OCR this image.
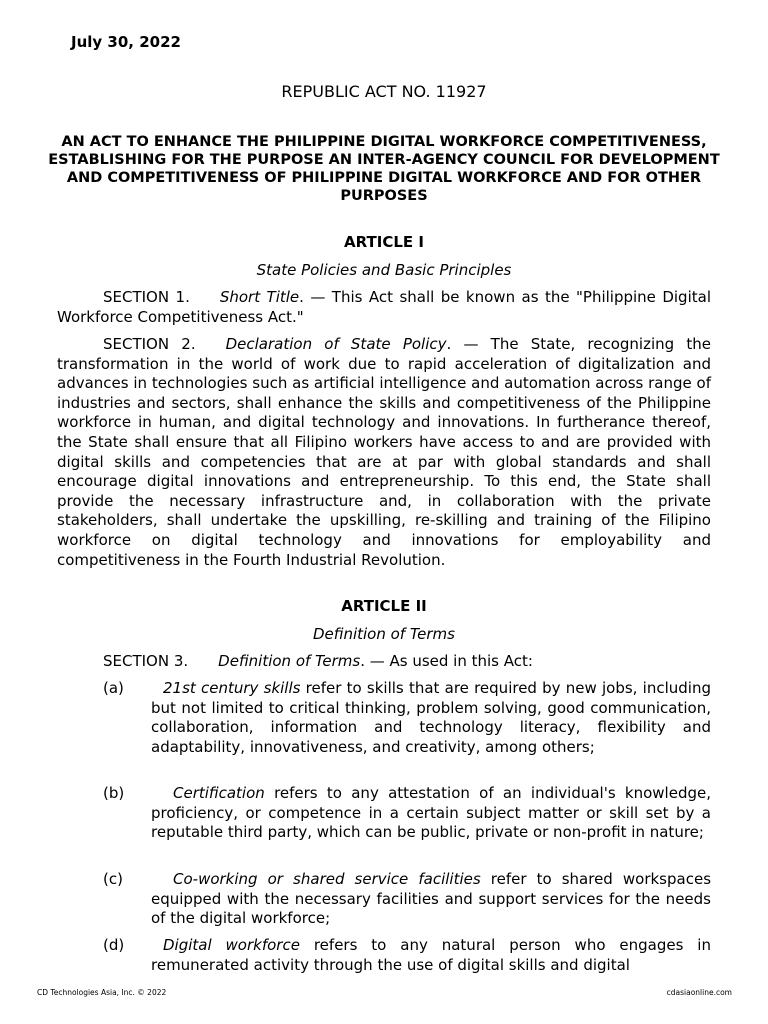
July 30, 2022
REPUBLIC ACT NO. 11927
AN ACT TO ENHANCE THE PHILIPPINE DIGITAL WORKFORCE COMPETITIVENESS, ESTABLISHING FOR THE PURPOSE AN INTER-AGENCY COUNCIL FOR DEVELOPMENT AND COMPETITIVENESS OF PHILIPPINE DIGITAL WORKFORCE AND FOR OTHER PURPOSES
ARTICLE I
State Policies and Basic Principles
SECTION 1. Short Title. — This Act shall be known as the "Philippine Digital Workforce Competitiveness Act."
SECTION 2. Declaration of State Policy. — The State, recognizing the transformation in the world of work due to rapid acceleration of digitalization and advances in technologies such as artificial intelligence and automation across range of industries and sectors, shall enhance the skills and competitiveness of the Philippine workforce in human, and digital technology and innovations. In furtherance thereof, the State shall ensure that all Filipino workers have access to and are provided with digital skills and competencies that are at par with global standards and shall encourage digital innovations and entrepreneurship. To this end, the State shall provide the necessary infrastructure and, in collaboration with the private stakeholders, shall undertake the upskilling, re-skilling and training of the Filipino workforce on digital technology and innovations for employability and competitiveness in the Fourth Industrial Revolution.
ARTICLE II
Definition of Terms
SECTION 3. Definition of Terms. — As used in this Act:
(a)	21st century skills refer to skills that are required by new jobs, including but not limited to critical thinking, problem solving, good communication, collaboration, information and technology literacy, flexibility and adaptability, innovativeness, and creativity, among others;
(b)	Certification refers to any attestation of an individual's knowledge, proficiency, or competence in a certain subject matter or skill set by a reputable third party, which can be public, private or non-profit in nature;
(c)	Co-working or shared service facilities refer to shared workspaces equipped with the necessary facilities and support services for the needs of the digital workforce;
(d)	Digital workforce refers to any natural person who engages in remunerated activity through the use of digital skills and digital
CD Technologies Asia, Inc. © 2022	cdasiaonline.com
